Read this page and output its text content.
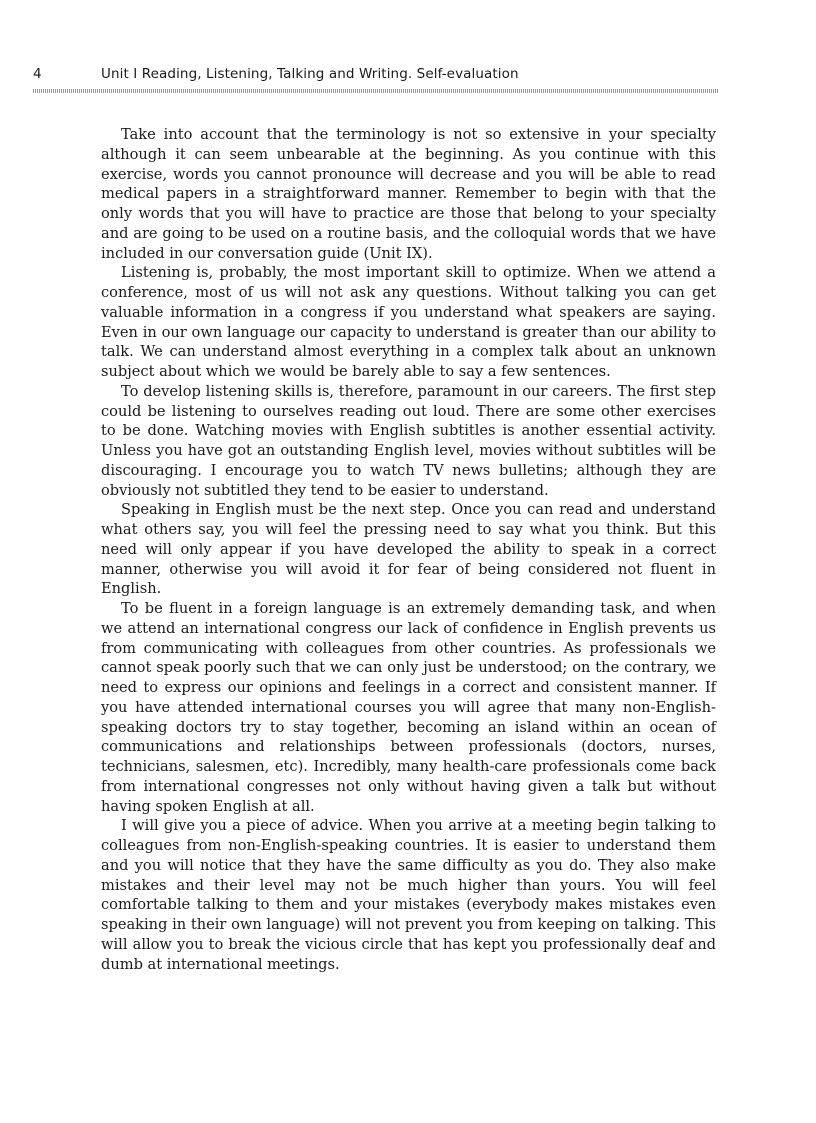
4	Unit I Reading, Listening, Talking and Writing. Self-evaluation

Take into account that the terminology is not so extensive in your specialty although it can seem unbearable at the beginning. As you continue with this exercise, words you cannot pronounce will decrease and you will be able to read medical papers in a straightforward manner. Remember to begin with that the only words that you will have to practice are those that belong to your specialty and are going to be used on a routine basis, and the colloquial words that we have included in our conversation guide (Unit IX).

Listening is, probably, the most important skill to optimize. When we attend a conference, most of us will not ask any questions. Without talking you can get valuable information in a congress if you understand what speakers are saying. Even in our own language our capacity to understand is greater than our ability to talk. We can understand almost everything in a complex talk about an unknown subject about which we would be barely able to say a few sentences.

To develop listening skills is, therefore, paramount in our careers. The first step could be listening to ourselves reading out loud. There are some other exercises to be done. Watching movies with English subtitles is another essential activity. Unless you have got an outstanding English level, movies without subtitles will be discouraging. I encourage you to watch TV news bulletins; although they are obviously not subtitled they tend to be easier to understand.

Speaking in English must be the next step. Once you can read and understand what others say, you will feel the pressing need to say what you think. But this need will only appear if you have developed the ability to speak in a correct manner, otherwise you will avoid it for fear of being considered not fluent in English.

To be fluent in a foreign language is an extremely demanding task, and when we attend an international congress our lack of confidence in English prevents us from communicating with colleagues from other countries. As professionals we cannot speak poorly such that we can only just be understood; on the contrary, we need to express our opinions and feelings in a correct and consistent manner. If you have attended international courses you will agree that many non-English-speaking doctors try to stay together, becoming an island within an ocean of communications and relationships between professionals (doctors, nurses, technicians, salesmen, etc). Incredibly, many health-care professionals come back from international congresses not only without having given a talk but without having spoken English at all.

I will give you a piece of advice. When you arrive at a meeting begin talking to colleagues from non-English-speaking countries. It is easier to understand them and you will notice that they have the same difficulty as you do. They also make mistakes and their level may not be much higher than yours. You will feel comfortable talking to them and your mistakes (everybody makes mistakes even speaking in their own language) will not prevent you from keeping on talking. This will allow you to break the vicious circle that has kept you professionally deaf and dumb at international meetings.
